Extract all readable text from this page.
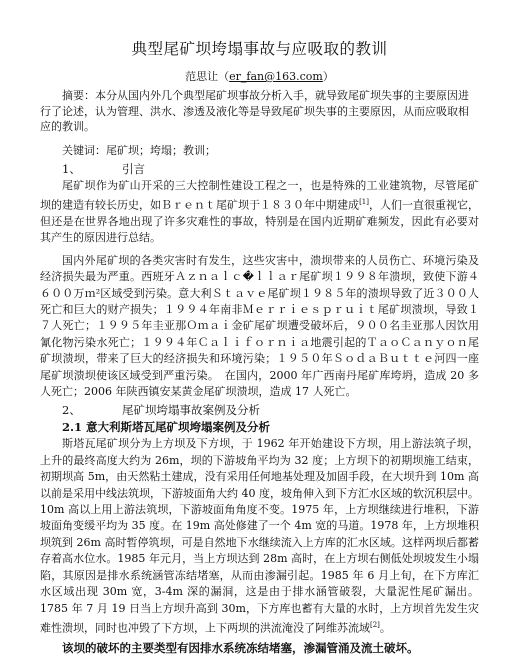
典型尾矿坝垮塌事故与应吸取的教训
范思让（er_fan@163.com）
摘要：本分从国内外几个典型尾矿坝事故分析入手，就导致尾矿坝失事的主要原因进行了论述，认为管理、洪水、渗透及液化等是导致尾矿坝失事的主要原因，从而应吸取相应的教训。
关键词：尾矿坝；垮塌；教训；
1、	引言

尾矿坝作为矿山开采的三大控制性建设工程之一，也是特殊的工业建筑物，尽管尾矿坝的建造有较长历史，如Ｂｒｅｎｔ尾矿坝于１８３０年中期建成[1]，人们一直很重视它，但还是在世界各地出现了许多灾难性的事故，特别是在国内近期矿难频发，因此有必要对其产生的原因进行总结。

国内外尾矿坝的各类灾害时有发生，这些灾害中，溃坝带来的人员伤亡、环境污染及经济损失最为严重。西班牙Ａｚｎａｌｃ�ｌｌａｒ尾矿坝１９９８年溃坝，致使下游４６００万ｍ²区域受到污染。意大利Ｓｔａｖｅ尾矿坝１９８５年的溃坝导致了近３００人死亡和巨大的财产损失；１９９４年南非Ｍｅｒｒｉｅｓｐｒｕｉｔ尾矿坝溃坝，导致１７人死亡；１９９５年圭亚那Ｏｍａｉ金矿尾矿坝遭受破坏后，９００名圭亚那人因饮用氰化物污染水死亡；１９９４年Ｃａｌｉｆｏｒｎｉａ地震引起的ＴａｏＣａｎｙｏｎ尾矿坝溃坝，带来了巨大的经济损失和环境污染；１９５０年ＳｏｄａＢｕｔｔｅ河四一座尾矿坝溃坝使该区域受到严重污染。　在国内，2000 年广西南丹尾矿库垮坍，造成 20 多人死亡；2006 年陕西镇安某黄金尾矿坝溃坝，造成 17 人死亡。

2、	尾矿坝垮塌事故案例及分析
2.1 意大利斯塔瓦尾矿坝垮塌案例及分析

斯塔瓦尾矿坝分为上方坝及下方坝，于 1962 年开始建设下方坝，用上游法筑子坝，上升的最终高度大约为 26m，坝的下游坡角平均为 32 度；上方坝下的初期坝施工结束，初期坝高 5m，由天然粘土建成，没有采用任何地基处理及加固手段，在大坝升到 10m 高以前是采用中线法筑坝，下游坡面角大约 40 度，坡角伸入到下方汇水区域的软沉积层中。10m 高以上用上游法筑坝，下游坡面角角度不变。1975 年，上方坝继续进行堆积，下游坡面角变缓平均为 35 度。在 19m 高处修建了一个 4m 宽的马道。1978 年，上方坝堆积坝筑到 26m 高时暂停筑坝，可是自然地下水继续流入上方库的汇水区域。这样两坝后都蓄存着高水位水。1985 年元月，当上方坝达到 28m 高时，在上方坝右侧低处坝坡发生小塌陷，其原因是排水系统涵管冻结堵塞，从而由渗漏引起。1985 年 6 月上旬，在下方库汇水区域出现 30m 宽，3-4m 深的漏洞，这是由于排水涵管破裂，大量泥性尾矿漏出。1785 年 7 月 19 日当上方坝升高到 30m，下方库也蓄有大量的水时，上方坝首先发生灾难性溃坝，同时也冲毁了下方坝，上下两坝的洪流淹没了阿维苏流域[2]。

该坝的破坏的主要类型有因排水系统冻结堵塞，渗漏管涌及流土破坏。
